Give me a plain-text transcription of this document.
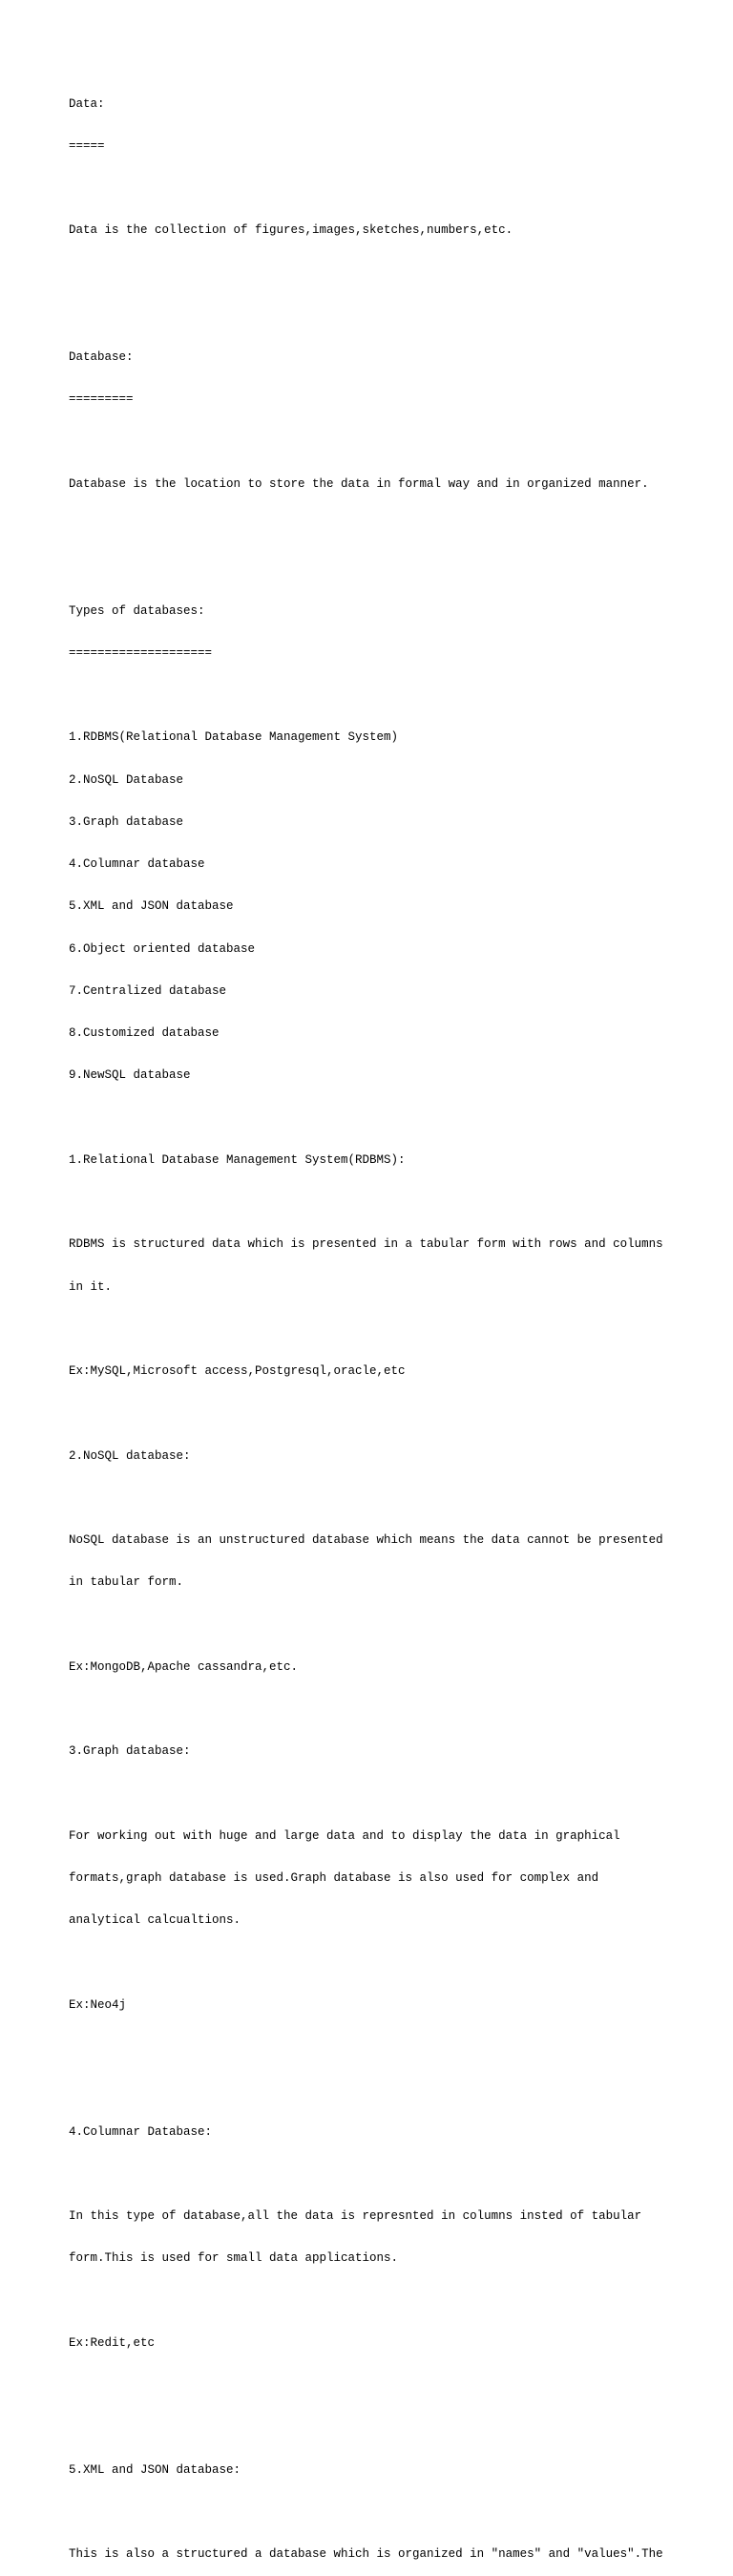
Data:

=====

Data is the collection of figures,images,sketches,numbers,etc.

Database:

=========

Database is the location to store the data in formal way and in organized manner.

Types of databases:

====================

1.RDBMS(Relational Database Management System)

2.NoSQL Database

3.Graph database

4.Columnar database

5.XML and JSON database

6.Object oriented database

7.Centralized database

8.Customized database

9.NewSQL database

1.Relational Database Management System(RDBMS):

RDBMS is structured data which is presented in a tabular form with rows and columns

in it.

Ex:MySQL,Microsoft access,Postgresql,oracle,etc

2.NoSQL database:

NoSQL database is an unstructured database which means the data cannot be presented

in tabular form.

Ex:MongoDB,Apache cassandra,etc.

3.Graph database:

For working out with huge and large data and to display the data in graphical

formats,graph database is used.Graph database is also used for complex and

analytical calcualtions.

Ex:Neo4j

4.Columnar Database:

In this type of database,all the data is represnted in columns insted of tabular

form.This is used for small data applications.

Ex:Redit,etc

5.XML and JSON database:

This is also a structured a database which is organized in "names" and "values".The
